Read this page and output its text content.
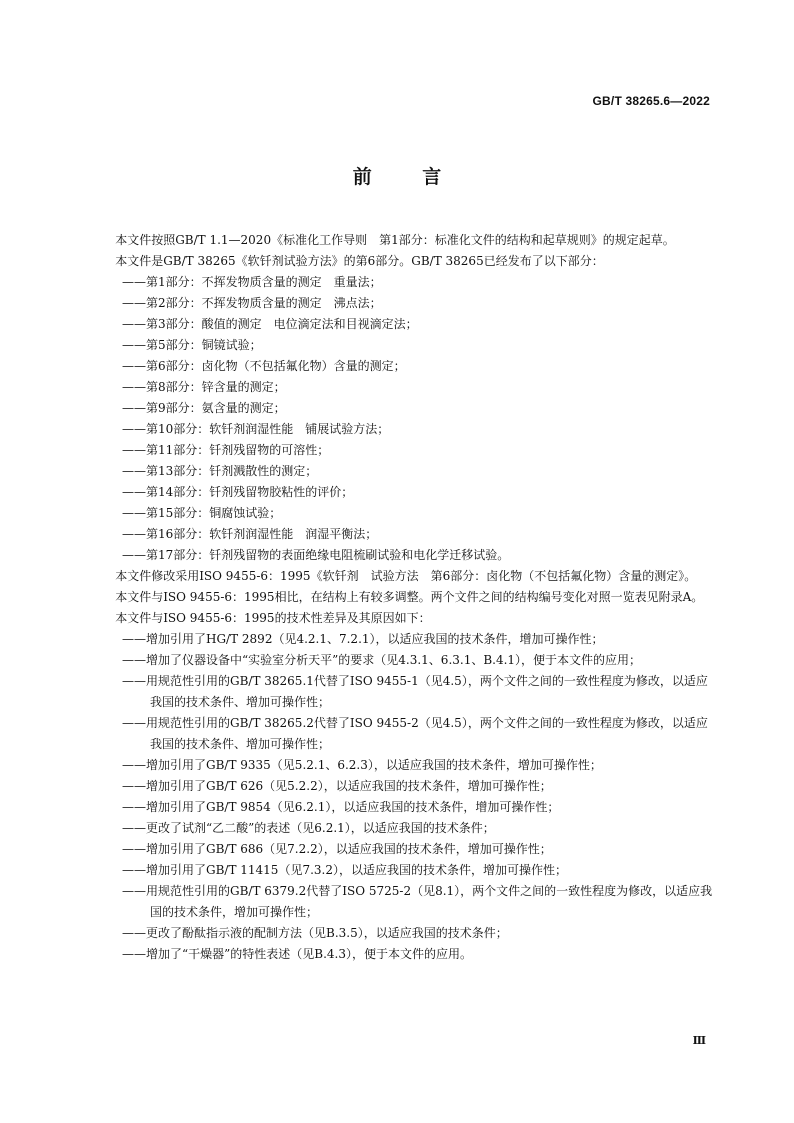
GB/T 38265.6—2022
前 言

本文件按照GB/T 1.1—2020《标准化工作导则　第1部分：标准化文件的结构和起草规则》的规定起草。

本文件是GB/T 38265《软钎剂试验方法》的第6部分。GB/T 38265已经发布了以下部分：

——第1部分：不挥发物质含量的测定　重量法；

——第2部分：不挥发物质含量的测定　沸点法；

——第3部分：酸值的测定　电位滴定法和目视滴定法；

——第5部分：铜镜试验；

——第6部分：卤化物（不包括氟化物）含量的测定；

——第8部分：锌含量的测定；

——第9部分：氨含量的测定；

——第10部分：软钎剂润湿性能　铺展试验方法；

——第11部分：钎剂残留物的可溶性；

——第13部分：钎剂溅散性的测定；

——第14部分：钎剂残留物胶粘性的评价；

——第15部分：铜腐蚀试验；

——第16部分：软钎剂润湿性能　润湿平衡法；

——第17部分：钎剂残留物的表面绝缘电阻梳刷试验和电化学迁移试验。

本文件修改采用ISO 9455-6：1995《软钎剂　试验方法　第6部分：卤化物（不包括氟化物）含量的测定》。

本文件与ISO 9455-6：1995相比，在结构上有较多调整。两个文件之间的结构编号变化对照一览表见附录A。

本文件与ISO 9455-6：1995的技术性差异及其原因如下：

——增加引用了HG/T 2892（见4.2.1、7.2.1），以适应我国的技术条件，增加可操作性；

——增加了仪器设备中“实验室分析天平”的要求（见4.3.1、6.3.1、B.4.1），便于本文件的应用；

——用规范性引用的GB/T 38265.1代替了ISO 9455-1（见4.5），两个文件之间的一致性程度为修改，以适应我国的技术条件、增加可操作性；

——用规范性引用的GB/T 38265.2代替了ISO 9455-2（见4.5），两个文件之间的一致性程度为修改，以适应我国的技术条件、增加可操作性；

——增加引用了GB/T 9335（见5.2.1、6.2.3），以适应我国的技术条件，增加可操作性；

——增加引用了GB/T 626（见5.2.2），以适应我国的技术条件，增加可操作性；

——增加引用了GB/T 9854（见6.2.1），以适应我国的技术条件，增加可操作性；

——更改了试剂“乙二酸”的表述（见6.2.1），以适应我国的技术条件；

——增加引用了GB/T 686（见7.2.2），以适应我国的技术条件，增加可操作性；

——增加引用了GB/T 11415（见7.3.2），以适应我国的技术条件，增加可操作性；

——用规范性引用的GB/T 6379.2代替了ISO 5725-2（见8.1），两个文件之间的一致性程度为修改，以适应我国的技术条件，增加可操作性；

——更改了酚酞指示液的配制方法（见B.3.5），以适应我国的技术条件；

——增加了“干燥器”的特性表述（见B.4.3），便于本文件的应用。

Ⅲ
